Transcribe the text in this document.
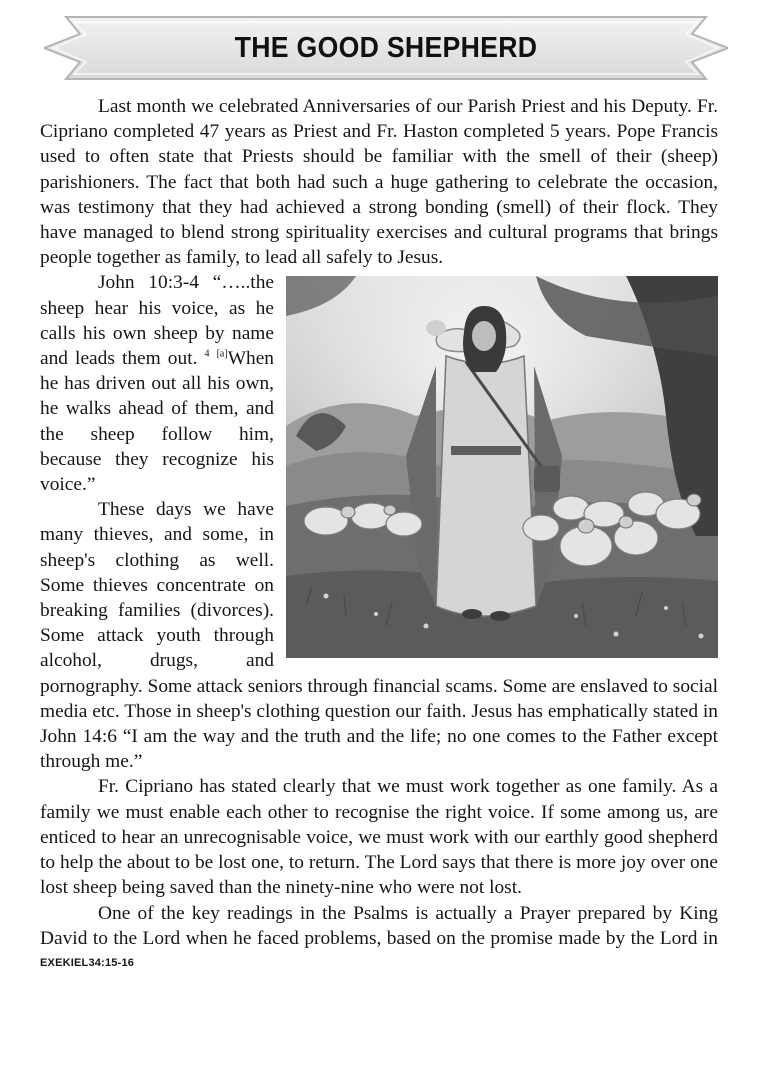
THE GOOD SHEPHERD

Last month we celebrated Anniversaries of our Parish Priest and his Deputy. Fr. Cipriano completed 47 years as Priest and Fr. Haston completed 5 years. Pope Francis used to often state that Priests should be familiar with the smell of their (sheep) parishioners. The fact that both had such a huge gathering to celebrate the occasion, was testimony that they had achieved a strong bonding (smell) of their flock. They have managed to blend strong spirituality exercises and cultural programs that brings people together as family, to lead all safely to Jesus.

John 10:3-4 “…..the sheep hear his voice, as he calls his own sheep by name and leads them out. $^4$ [a]When he has driven out all his own, he walks ahead of them, and the sheep follow him, because they recognize his voice.”

These days we have many thieves, and some, in sheep's clothing as well. Some thieves concentrate on breaking families (divorces). Some attack youth through alcohol, drugs, and pornography. Some attack seniors through financial scams. Some are enslaved to social media etc. Those in sheep's clothing question our faith. Jesus has emphatically stated in John 14:6 “I am the way and the truth and the life; no one comes to the Father except through me.”

Fr. Cipriano has stated clearly that we must work together as one family. As a family we must enable each other to recognise the right voice. If some among us, are enticed to hear an unrecognisable voice, we must work with our earthly good shepherd to help the about to be lost one, to return. The Lord says that there is more joy over one lost sheep being saved than the ninety-nine who were not lost.

One of the key readings in the Psalms is actually a Prayer prepared by King David to the Lord when he faced problems, based on the promise made by the Lord in $^{EXEKIEL34:15-16}$
